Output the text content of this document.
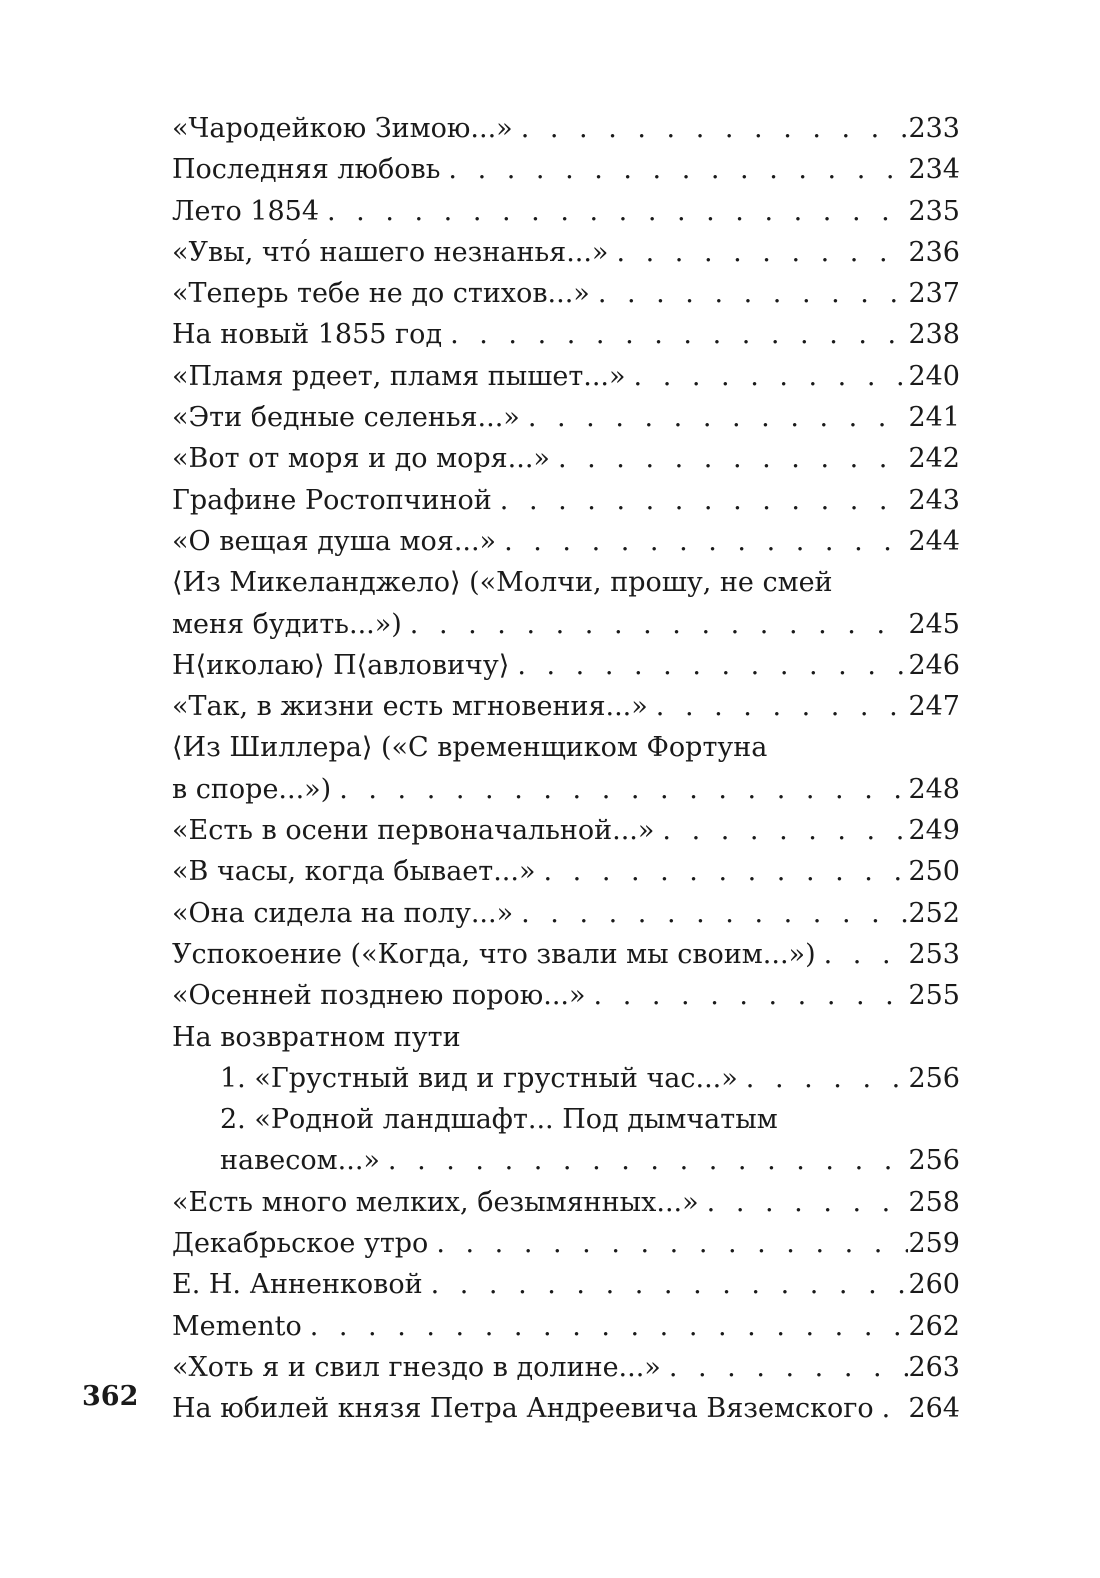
«Чародейкою Зимою...» . . .	233
Последняя любовь . . .	234
Лето 1854 . . .	235
«Увы, что́ нашего незнанья...» . . .	236
«Теперь тебе не до стихов...» . . .	237
На новый 1855 год . . .	238
«Пламя рдеет, пламя пышет...» . . .	240
«Эти бедные селенья...» . . .	241
«Вот от моря и до моря...» . . .	242
Графине Ростопчиной . . .	243
«О вещая душа моя...» . . .	244
⟨Из Микеланджело⟩ («Молчи, прошу, не смей
меня будить...») . . .	245
Н⟨иколаю⟩ П⟨авловичу⟩ . . .	246
«Так, в жизни есть мгновения...» . . .	247
⟨Из Шиллера⟩ («С временщиком Фортуна
в споре...») . . .	248
«Есть в осени первоначальной...» . . .	249
«В часы, когда бывает...» . . .	250
«Она сидела на полу...» . . .	252
Успокоение («Когда, что звали мы своим...») . . .	253
«Осенней позднею порою...» . . .	255
На возвратном пути
1. «Грустный вид и грустный час...» . . .	256
2. «Родной ландшафт... Под дымчатым
навесом...» . . .	256
«Есть много мелких, безымянных...» . . .	258
Декабрьское утро . . .	259
Е. Н. Анненковой . . .	260
Memento . . .	262
«Хоть я и свил гнездо в долине...» . . .	263
На юбилей князя Петра Андреевича Вяземского . . . 264
362
